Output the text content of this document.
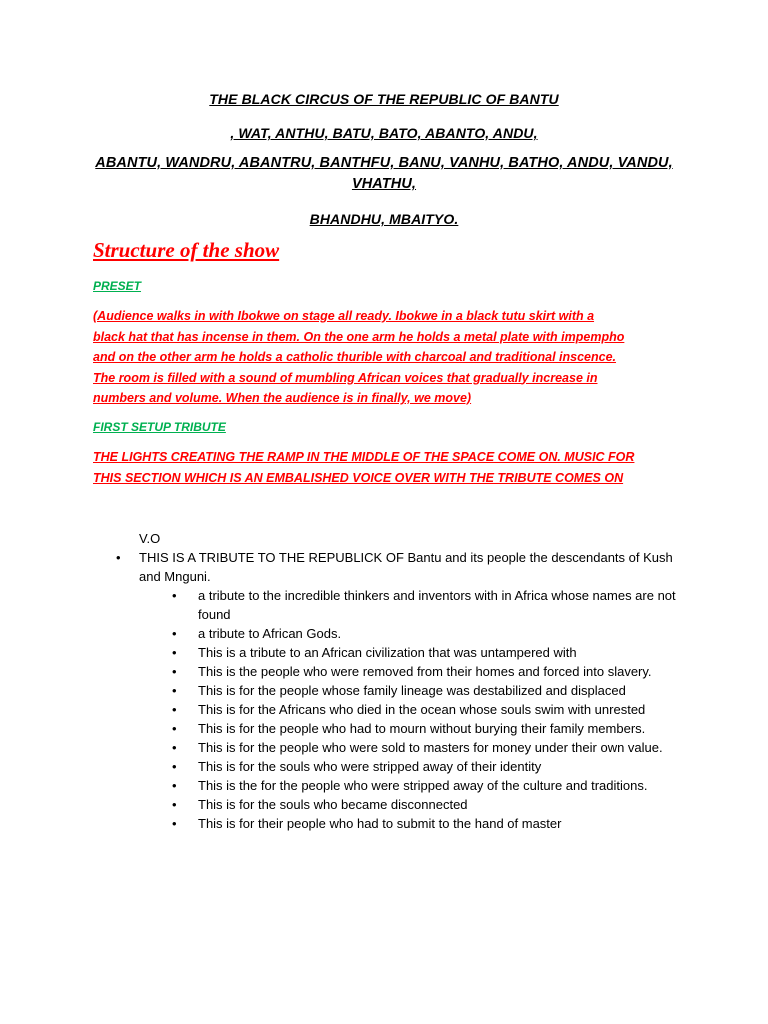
THE BLACK CIRCUS OF THE REPUBLIC OF BANTU
, WAT, ANTHU, BATU, BATO, ABANTO, ANDU,
ABANTU, WANDRU, ABANTRU, BANTHFU, BANU, VANHU, BATHO, ANDU, VANDU, VHATHU,
BHANDHU, MBAITYO.
Structure of the show
PRESET
(Audience walks in with Ibokwe on stage all ready. Ibokwe in a black tutu skirt with a
black hat that has incense in them. On the one arm he holds a metal plate with impempho
and on the other arm he holds a catholic thurible with charcoal and traditional inscence.
The room is filled with a sound of mumbling African voices that gradually increase in
numbers and volume. When the audience is in finally, we move)
FIRST SETUP TRIBUTE
THE LIGHTS CREATING THE RAMP IN THE MIDDLE OF THE SPACE COME ON. MUSIC FOR
THIS SECTION WHICH IS AN EMBALISHED VOICE OVER WITH THE TRIBUTE COMES ON
V.O
• THIS IS A TRIBUTE TO THE REPUBLICK OF Bantu and its people the descendants of Kush and Mnguni.
• a tribute to the incredible thinkers and inventors with in Africa whose names are not found
• a tribute to African Gods.
• This is a tribute to an African civilization that was untampered with
• This is the people who were removed from their homes and forced into slavery.
• This is for the people whose family lineage was destabilized and displaced
• This is for the Africans who died in the ocean whose souls swim with unrested
• This is for the people who had to mourn without burying their family members.
• This is for the people who were sold to masters for money under their own value.
• This is for the souls who were stripped away of their identity
• This is the for the people who were stripped away of the culture and traditions.
• This is for the souls who became disconnected
• This is for their people who had to submit to the hand of master
